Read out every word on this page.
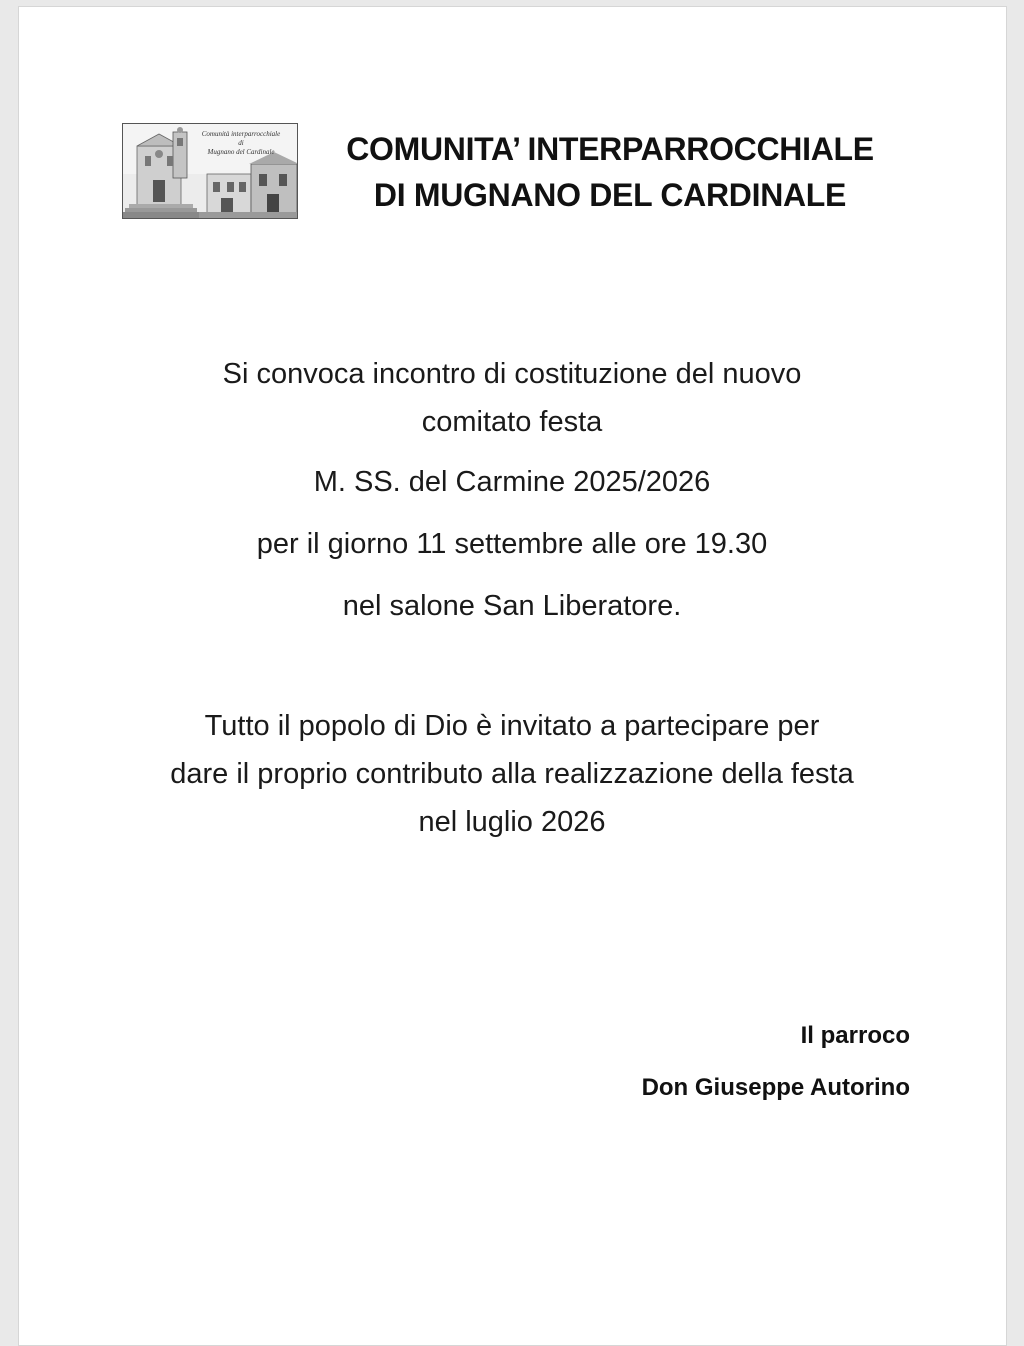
Comunità interparrocchiale
di
Mugnano del Cardinale	COMUNITA’ INTERPARROCCHIALE
DI MUGNANO DEL CARDINALE
Si convoca incontro di costituzione del nuovo
comitato festa
M. SS. del Carmine 2025/2026
per il giorno 11 settembre alle ore 19.30
nel salone San Liberatore.
Tutto il popolo di Dio è invitato a partecipare per
dare il proprio contributo alla realizzazione della festa
nel luglio 2026
Il parroco
Don Giuseppe Autorino
